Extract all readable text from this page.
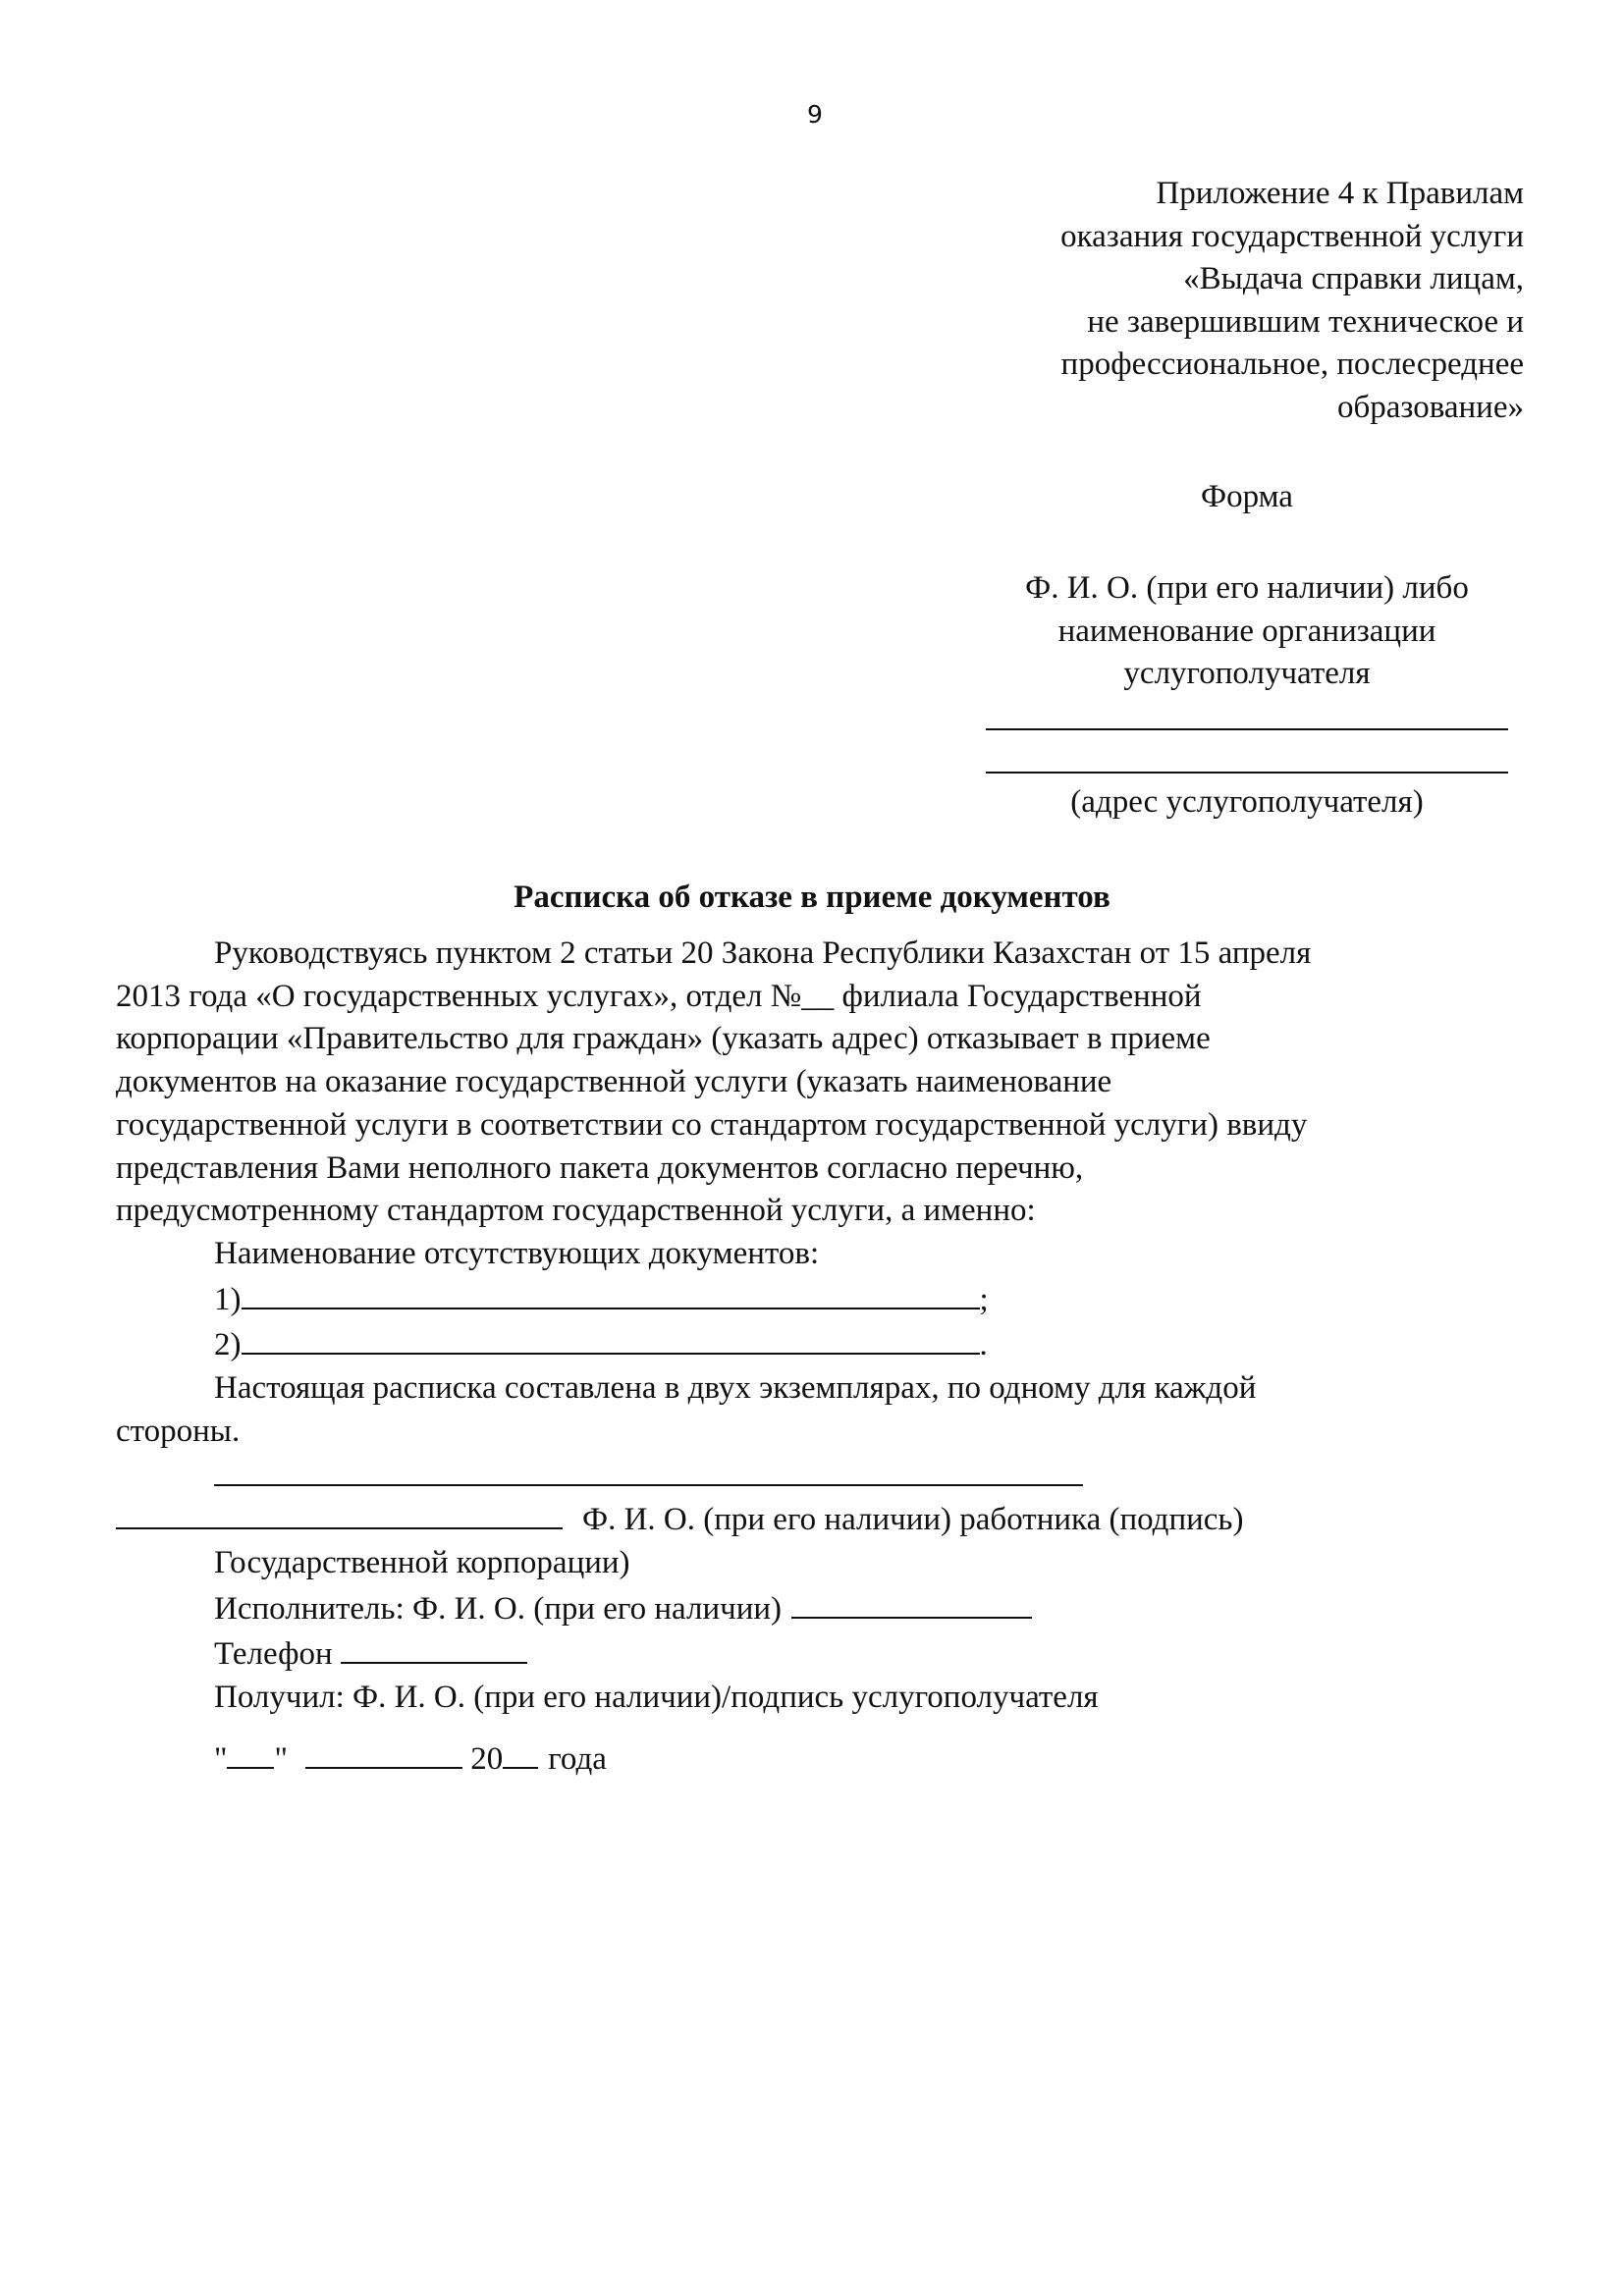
9
Приложение 4 к Правилам
оказания государственной услуги
«Выдача справки лицам,
не завершившим техническое и
профессиональное, послесреднее
образование»
Форма
Ф. И. О. (при его наличии) либо
наименование организации
услугополучателя
(адрес услугополучателя)
Расписка об отказе в приеме документов
Руководствуясь пунктом 2 статьи 20 Закона Республики Казахстан от 15 апреля
2013 года «О государственных услугах», отдел №__ филиала Государственной
корпорации «Правительство для граждан» (указать адрес) отказывает в приеме
документов на оказание государственной услуги (указать наименование
государственной услуги в соответствии со стандартом государственной услуги) ввиду
представления Вами неполного пакета документов согласно перечню,
предусмотренному стандартом государственной услуги, а именно:
Наименование отсутствующих документов:
1)	;
2)	.
Настоящая расписка составлена в двух экземплярах, по одному для каждой
стороны.
Ф. И. О. (при его наличии) работника (подпись)
Государственной корпорации)
Исполнитель: Ф. И. О. (при его наличии)
Телефон
Получил: Ф. И. О. (при его наличии)/подпись услугополучателя
" "	20 года
